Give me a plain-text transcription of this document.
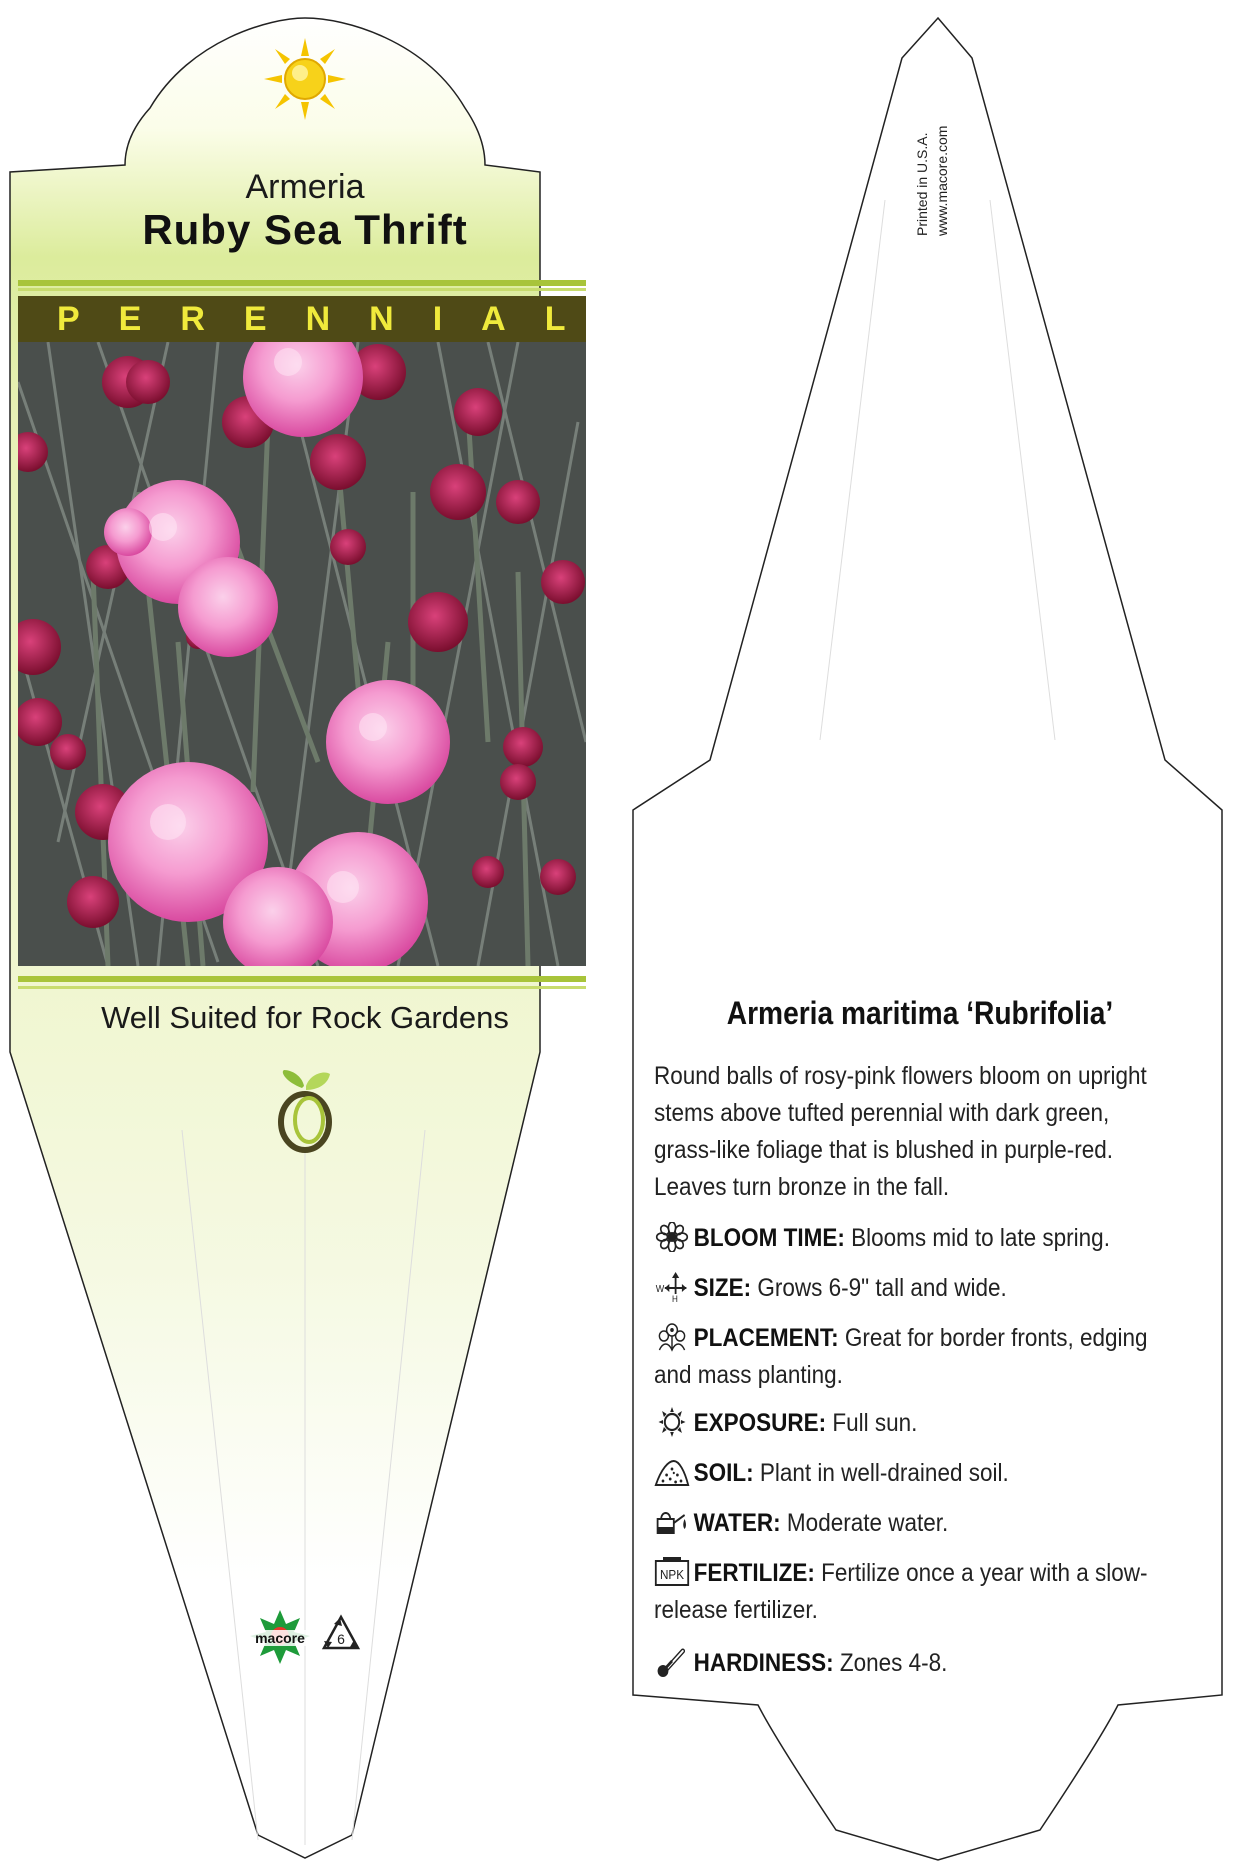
Armeria
Ruby Sea Thrift
PERENNIAL
Well Suited for Rock Gardens
macore 6
Printed in U.S.A. www.macore.com
Armeria maritima ‘Rubrifolia’
Round balls of rosy-pink flowers bloom on upright stems above tufted perennial with dark green, grass-like foliage that is blushed in purple-red. Leaves turn bronze in the fall.
BLOOM TIME: Blooms mid to late spring.
W
H SIZE: Grows 6-9" tall and wide.
PLACEMENT: Great for border fronts, edging and mass planting.
EXPOSURE: Full sun.
SOIL: Plant in well-drained soil.
WATER: Moderate water.
NPK FERTILIZE: Fertilize once a year with a slow-release fertilizer.
HARDINESS: Zones 4-8.
